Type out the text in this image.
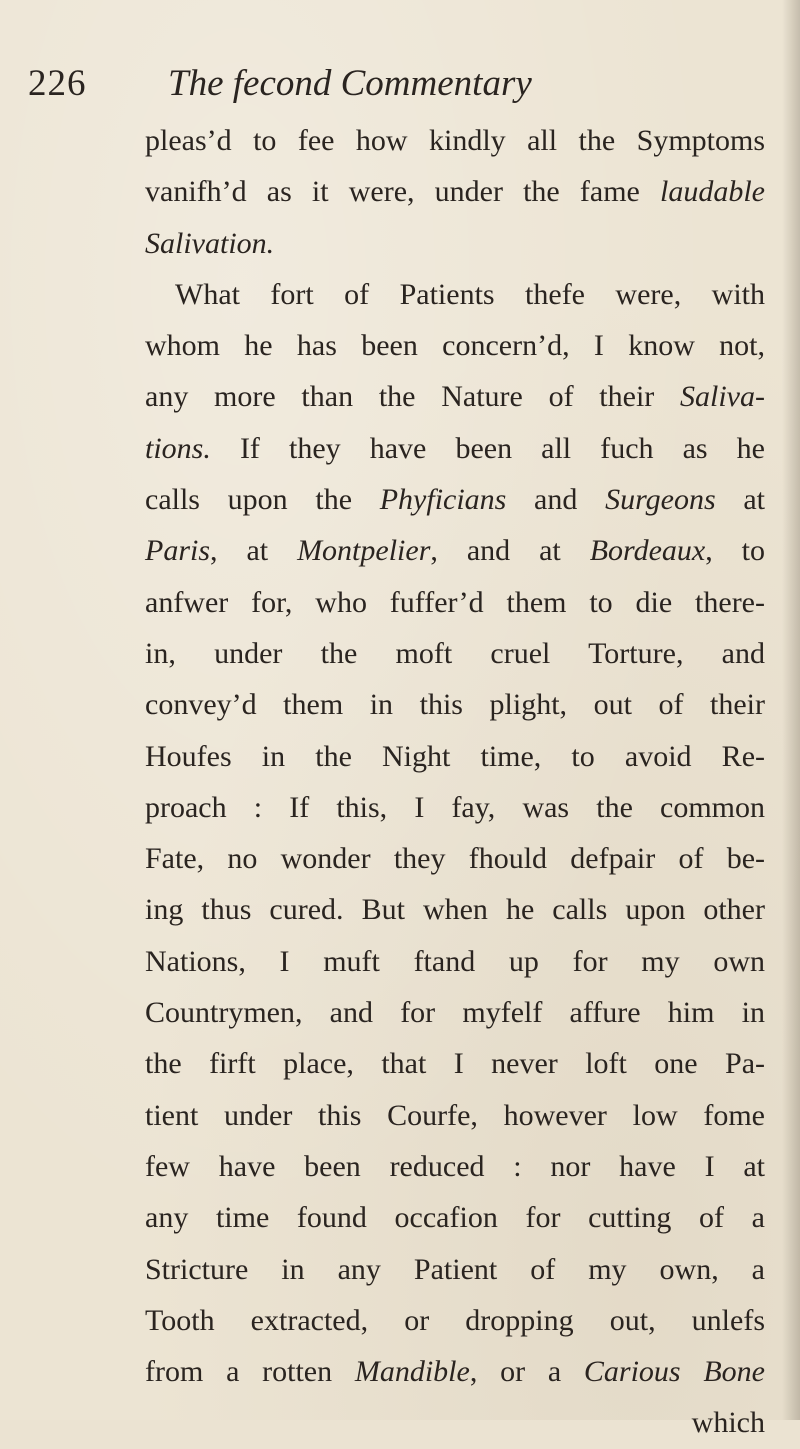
226 The fecond Commentary
pleas’d to fee how kindly all the Symptoms
vanifh’d as it were, under the fame laudable
Salivation.
What fort of Patients thefe were, with
whom he has been concern’d, I know not,
any more than the Nature of their Saliva-
tions. If they have been all fuch as he
calls upon the Phyficians and Surgeons at
Paris, at Montpelier, and at Bordeaux, to
anfwer for, who fuffer’d them to die there-
in, under the moft cruel Torture, and
convey’d them in this plight, out of their
Houfes in the Night time, to avoid Re-
proach : If this, I fay, was the common
Fate, no wonder they fhould defpair of be-
ing thus cured. But when he calls upon other
Nations, I muft ftand up for my own
Countrymen, and for myfelf affure him in
the firft place, that I never loft one Pa-
tient under this Courfe, however low fome
few have been reduced : nor have I at
any time found occafion for cutting of a
Stricture in any Patient of my own, a
Tooth extracted, or dropping out, unlefs
from a rotten Mandible, or a Carious Bone
which
